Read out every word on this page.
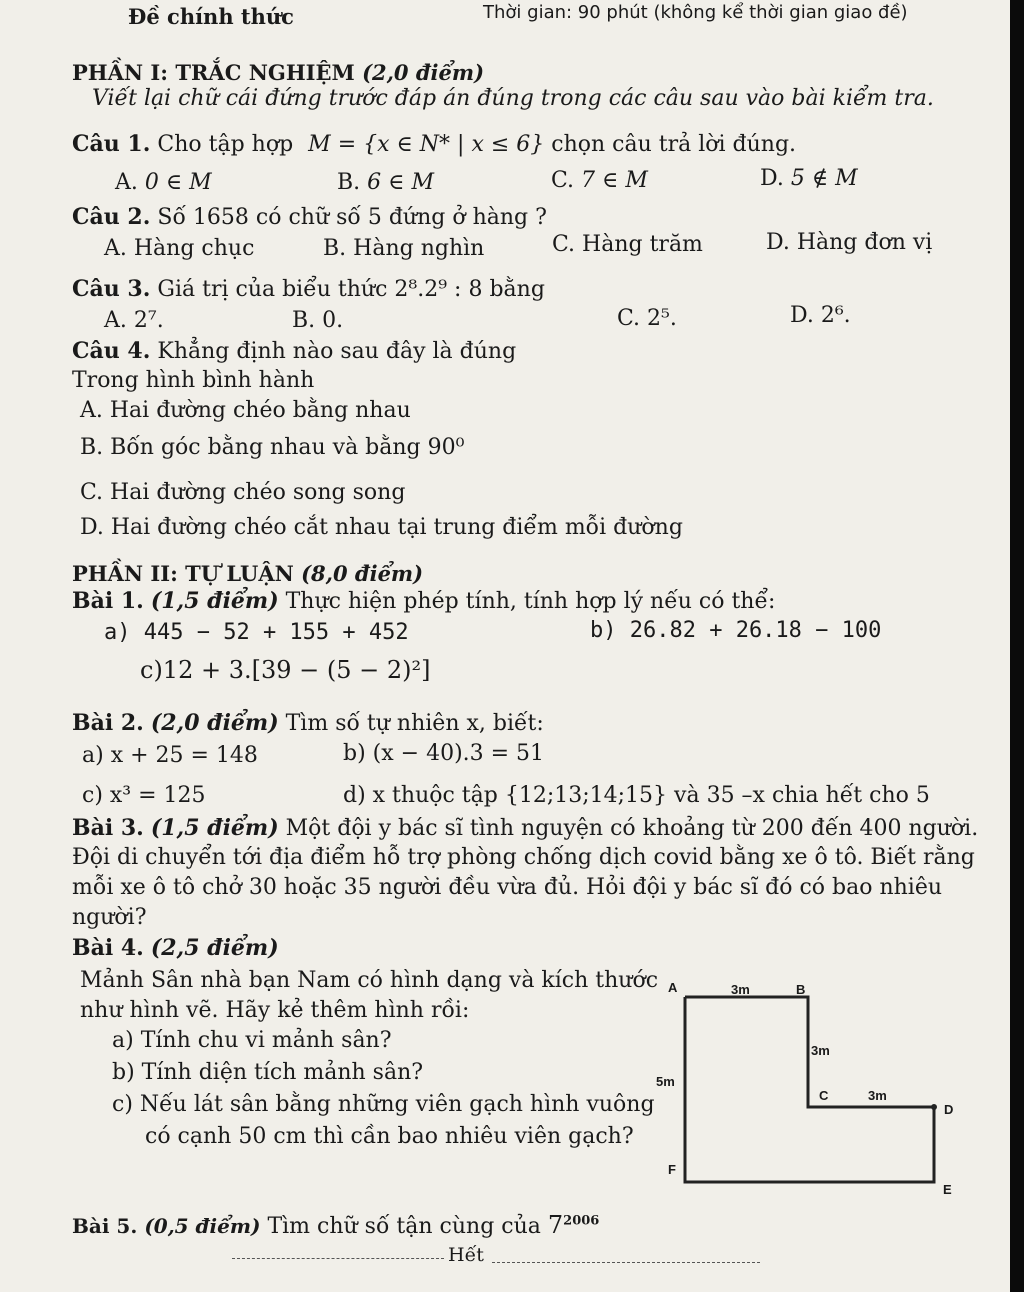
Đề chính thức	Thời gian: 90 phút (không kể thời gian giao đề)
PHẦN I: TRẮC NGHIỆM (2,0 điểm)
Viết lại chữ cái đứng trước đáp án đúng trong các câu sau vào bài kiểm tra.
Câu 1. Cho tập hợp M = {x ∈ N* | x ≤ 6} chọn câu trả lời đúng.
A. 0 ∈ M	B. 6 ∈ M	C. 7 ∈ M	D. 5 ∉ M
Câu 2. Số 1658 có chữ số 5 đứng ở hàng ?
A. Hàng chục	B. Hàng nghìn	C. Hàng trăm	D. Hàng đơn vị
Câu 3. Giá trị của biểu thức 2⁸.2⁹ : 8 bằng
A. 2⁷.	B. 0.	C. 2⁵.	D. 2⁶.
Câu 4. Khẳng định nào sau đây là đúng
Trong hình bình hành
A. Hai đường chéo bằng nhau
B. Bốn góc bằng nhau và bằng 90⁰
C. Hai đường chéo song song
D. Hai đường chéo cắt nhau tại trung điểm mỗi đường
PHẦN II: TỰ LUẬN (8,0 điểm)
Bài 1. (1,5 điểm) Thực hiện phép tính, tính hợp lý nếu có thể:
a) 445 − 52 + 155 + 452	b) 26.82 + 26.18 − 100
c)12 + 3.[39 − (5 − 2)²]
Bài 2. (2,0 điểm) Tìm số tự nhiên x, biết:
a) x + 25 = 148	b) (x − 40).3 = 51
c) x³ = 125	d) x thuộc tập {12;13;14;15} và 35 –x chia hết cho 5
Bài 3. (1,5 điểm) Một đội y bác sĩ tình nguyện có khoảng từ 200 đến 400 người.
Đội di chuyển tới địa điểm hỗ trợ phòng chống dịch covid bằng xe ô tô. Biết rằng
mỗi xe ô tô chở 30 hoặc 35 người đều vừa đủ. Hỏi đội y bác sĩ đó có bao nhiêu
người?
Bài 4. (2,5 điểm)
Mảnh Sân nhà bạn Nam có hình dạng và kích thước
như hình vẽ. Hãy kẻ thêm hình rồi:
a) Tính chu vi mảnh sân?
b) Tính diện tích mảnh sân?
c) Nếu lát sân bằng những viên gạch hình vuông
có cạnh 50 cm thì cần bao nhiêu viên gạch?
A	3m	B
3m
5m
C	3m
D
F
E
Bài 5. (0,5 điểm) Tìm chữ số tận cùng của $7^{2006}$
Hết
